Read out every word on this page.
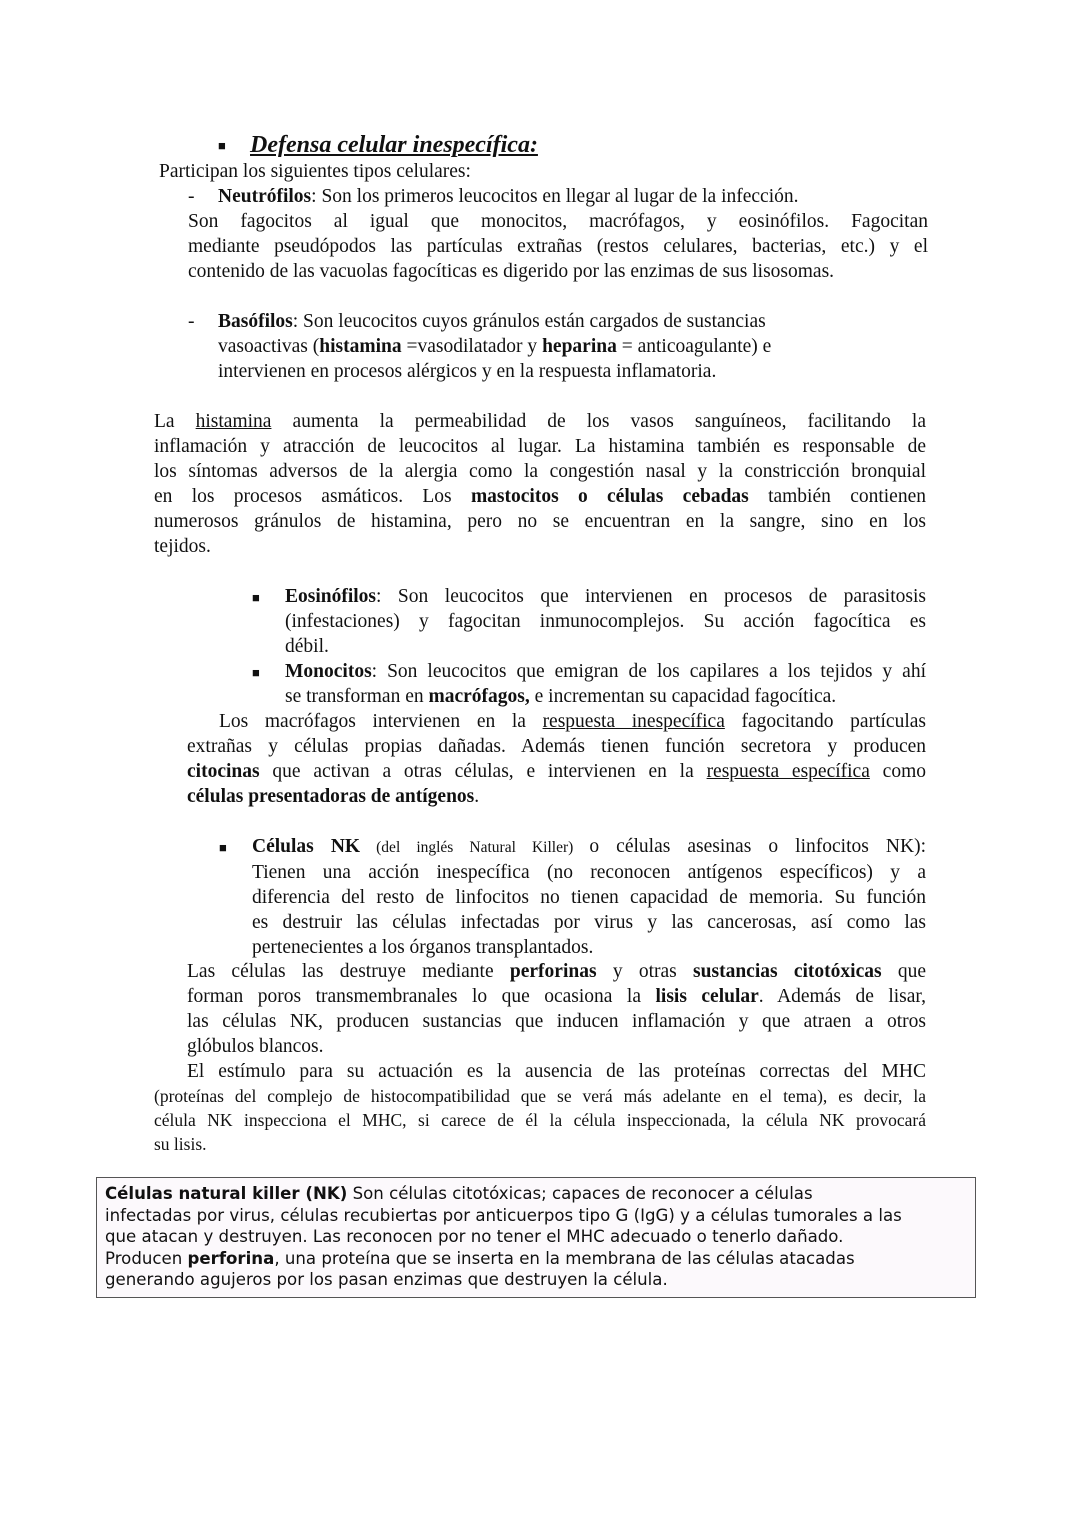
■ Defensa celular inespecífica:
Participan los siguientes tipos celulares:
-	Neutrófilos: Son los primeros leucocitos en llegar al lugar de la infección.
Son fagocitos al igual que monocitos, macrófagos, y eosinófilos. Fagocitan
mediante pseudópodos las partículas extrañas (restos celulares, bacterias, etc.) y el
contenido de las vacuolas fagocíticas es digerido por las enzimas de sus lisosomas.
-	Basófilos: Son leucocitos cuyos gránulos están cargados de sustancias
vasoactivas (histamina =vasodilatador y heparina = anticoagulante) e
intervienen en procesos alérgicos y en la respuesta inflamatoria.
La histamina aumenta la permeabilidad de los vasos sanguíneos, facilitando la
inflamación y atracción de leucocitos al lugar. La histamina también es responsable de
los síntomas adversos de la alergia como la congestión nasal y la constricción bronquial
en los procesos asmáticos. Los mastocitos o células cebadas también contienen
numerosos gránulos de histamina, pero no se encuentran en la sangre, sino en los
tejidos.
■ Eosinófilos: Son leucocitos que intervienen en procesos de parasitosis
(infestaciones) y fagocitan inmunocomplejos. Su acción fagocítica es
débil.
■ Monocitos: Son leucocitos que emigran de los capilares a los tejidos y ahí
se transforman en macrófagos, e incrementan su capacidad fagocítica.
Los macrófagos intervienen en la respuesta inespecífica fagocitando partículas
extrañas y células propias dañadas. Además tienen función secretora y producen
citocinas que activan a otras células, e intervienen en la respuesta específica como
células presentadoras de antígenos.
■ Células NK (del inglés Natural Killer) o células asesinas o linfocitos NK):
Tienen una acción inespecífica (no reconocen antígenos específicos) y a
diferencia del resto de linfocitos no tienen capacidad de memoria. Su función
es destruir las células infectadas por virus y las cancerosas, así como las
pertenecientes a los órganos transplantados.
Las células las destruye mediante perforinas y otras sustancias citotóxicas que
forman poros transmembranales lo que ocasiona la lisis celular. Además de lisar,
las células NK, producen sustancias que inducen inflamación y que atraen a otros
glóbulos blancos.
El estímulo para su actuación es la ausencia de las proteínas correctas del MHC
(proteínas del complejo de histocompatibilidad que se verá más adelante en el tema), es decir, la
célula NK inspecciona el MHC, si carece de él la célula inspeccionada, la célula NK provocará
su lisis.
Células natural killer (NK) Son células citotóxicas; capaces de reconocer a células
infectadas por virus, células recubiertas por anticuerpos tipo G (IgG) y a células tumorales a las
que atacan y destruyen. Las reconocen por no tener el MHC adecuado o tenerlo dañado.
Producen perforina, una proteína que se inserta en la membrana de las células atacadas
generando agujeros por los pasan enzimas que destruyen la célula.
